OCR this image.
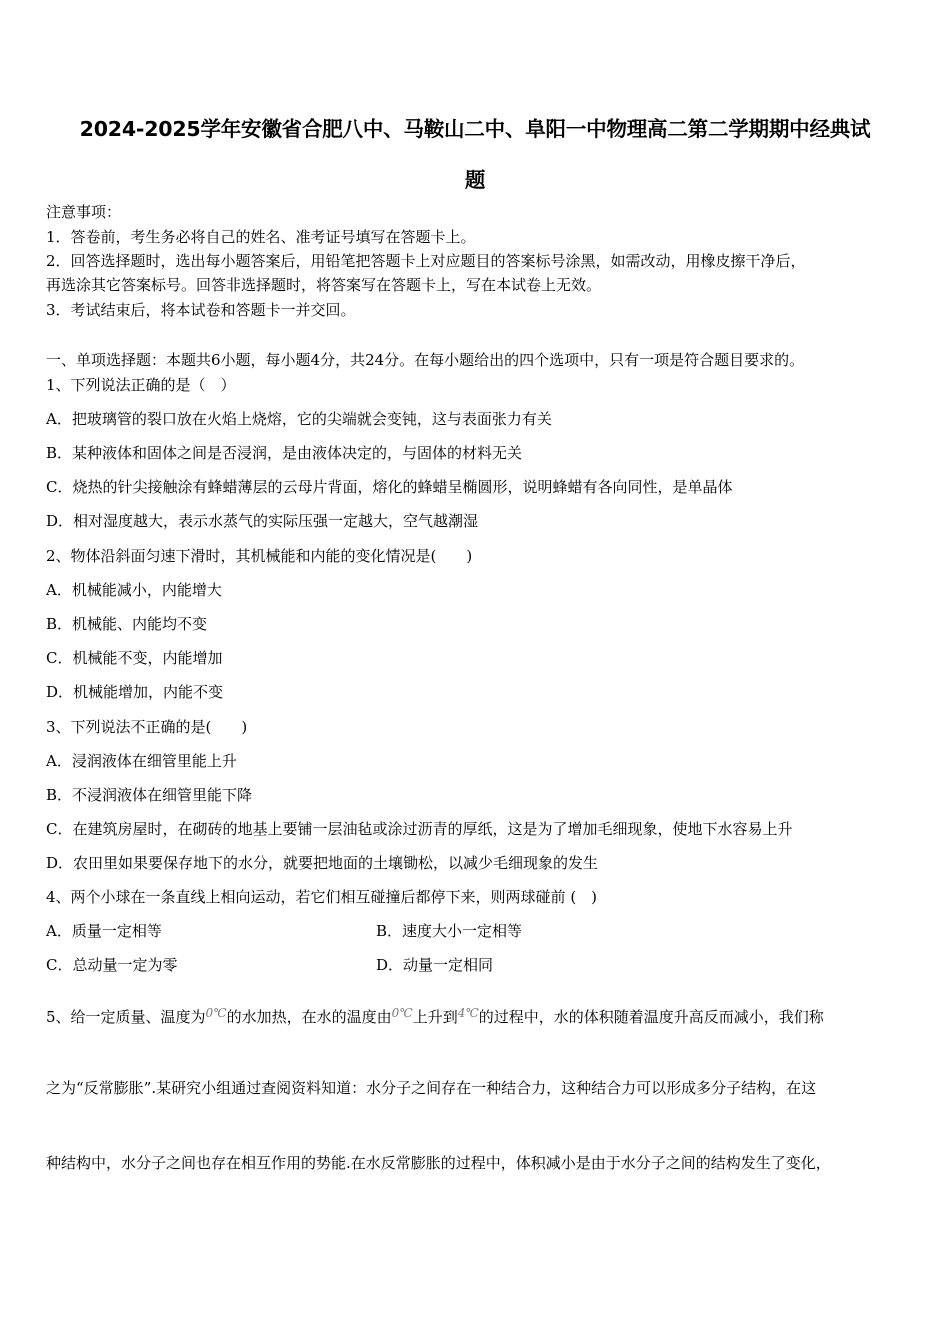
2024-2025学年安徽省合肥八中、马鞍山二中、阜阳一中物理高二第二学期期中经典试
题
注意事项：
1．答卷前，考生务必将自己的姓名、准考证号填写在答题卡上。
2．回答选择题时，选出每小题答案后，用铅笔把答题卡上对应题目的答案标号涂黑，如需改动，用橡皮擦干净后，
再选涂其它答案标号。回答非选择题时，将答案写在答题卡上，写在本试卷上无效。
3．考试结束后，将本试卷和答题卡一并交回。
一、单项选择题：本题共6小题，每小题4分，共24分。在每小题给出的四个选项中，只有一项是符合题目要求的。
1、下列说法正确的是（　）
A．把玻璃管的裂口放在火焰上烧熔，它的尖端就会变钝，这与表面张力有关
B．某种液体和固体之间是否浸润，是由液体决定的，与固体的材料无关
C．烧热的针尖接触涂有蜂蜡薄层的云母片背面，熔化的蜂蜡呈椭圆形，说明蜂蜡有各向同性，是单晶体
D．相对湿度越大，表示水蒸气的实际压强一定越大，空气越潮湿
2、物体沿斜面匀速下滑时，其机械能和内能的变化情况是(　　)
A．机械能减小，内能增大
B．机械能、内能均不变
C．机械能不变，内能增加
D．机械能增加，内能不变
3、下列说法不正确的是(　　)
A．浸润液体在细管里能上升
B．不浸润液体在细管里能下降
C．在建筑房屋时，在砌砖的地基上要铺一层油毡或涂过沥青的厚纸，这是为了增加毛细现象，使地下水容易上升
D．农田里如果要保存地下的水分，就要把地面的土壤锄松，以减少毛细现象的发生
4、两个小球在一条直线上相向运动，若它们相互碰撞后都停下来，则两球碰前 (　)
A．质量一定相等	B．速度大小一定相等
C．总动量一定为零	D．动量一定相同
5、给一定质量、温度为$^{0℃}$的水加热，在水的温度由$^{0℃}$上升到$^{4℃}$的过程中，水的体积随着温度升高反而减小，我们称
之为“反常膨胀”.某研究小组通过查阅资料知道：水分子之间存在一种结合力，这种结合力可以形成多分子结构，在这
种结构中，水分子之间也存在相互作用的势能.在水反常膨胀的过程中，体积减小是由于水分子之间的结构发生了变化，
